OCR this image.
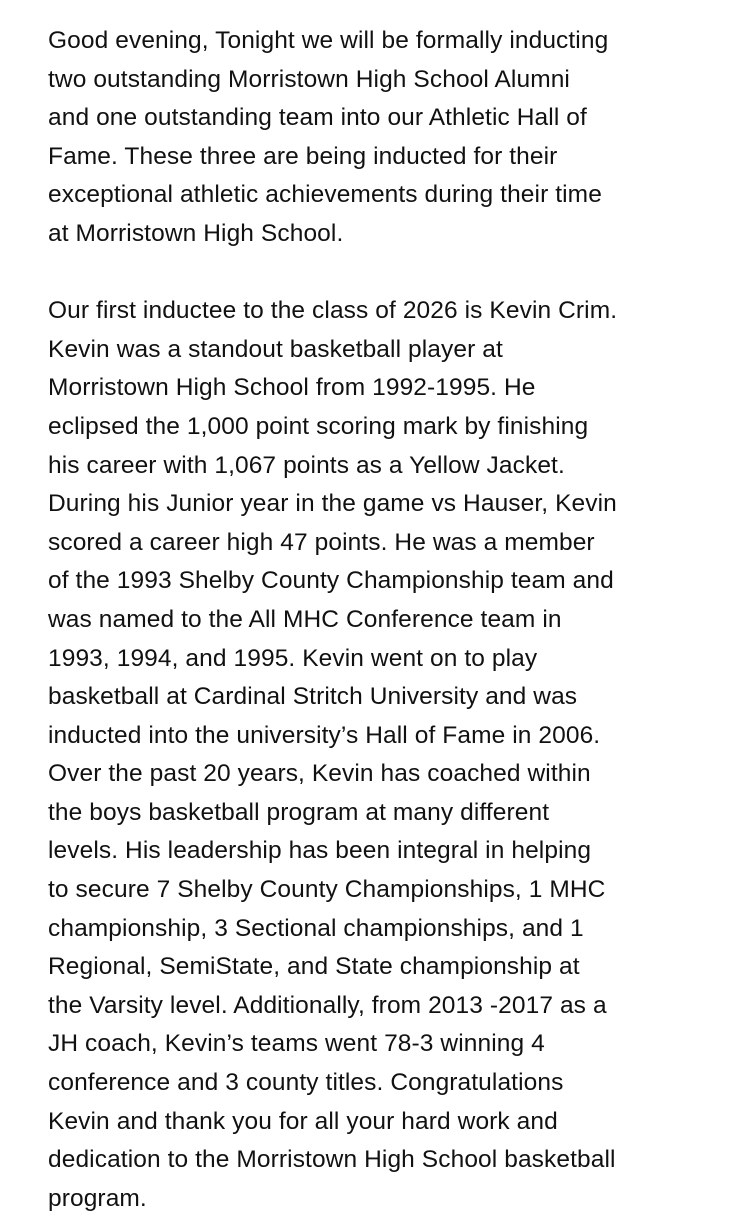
Good evening, Tonight we will be formally inducting
two outstanding Morristown High School Alumni
and one outstanding team into our Athletic Hall of
Fame. These three are being inducted for their
exceptional athletic achievements during their time
at Morristown High School.
Our first inductee to the class of 2026 is Kevin Crim.
Kevin was a standout basketball player at
Morristown High School from 1992-1995. He
eclipsed the 1,000 point scoring mark by finishing
his career with 1,067 points as a Yellow Jacket.
During his Junior year in the game vs Hauser, Kevin
scored a career high 47 points. He was a member
of the 1993 Shelby County Championship team and
was named to the All MHC Conference team in
1993, 1994, and 1995. Kevin went on to play
basketball at Cardinal Stritch University and was
inducted into the university’s Hall of Fame in 2006.
Over the past 20 years, Kevin has coached within
the boys basketball program at many different
levels. His leadership has been integral in helping
to secure 7 Shelby County Championships, 1 MHC
championship, 3 Sectional championships, and 1
Regional, SemiState, and State championship at
the Varsity level. Additionally, from 2013 -2017 as a
JH coach, Kevin’s teams went 78-3 winning 4
conference and 3 county titles. Congratulations
Kevin and thank you for all your hard work and
dedication to the Morristown High School basketball
program.
